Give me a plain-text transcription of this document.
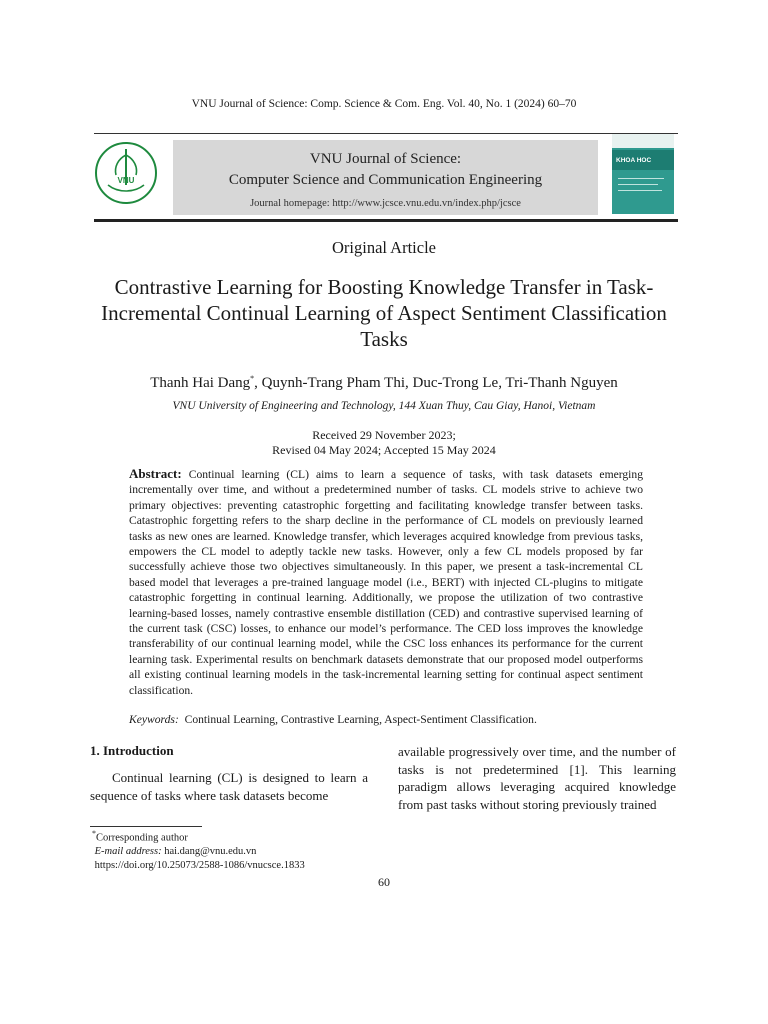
VNU Journal of Science: Comp. Science & Com. Eng. Vol. 40, No. 1 (2024) 60–70
VNU
VNU Journal of Science:
Computer Science and Communication Engineering
Journal homepage: http://www.jcsce.vnu.edu.vn/index.php/jcsce
KHOA HOC
Original Article
Contrastive Learning for Boosting Knowledge Transfer in Task-Incremental Continual Learning of Aspect Sentiment Classification Tasks
Thanh Hai Dang*, Quynh-Trang Pham Thi, Duc-Trong Le, Tri-Thanh Nguyen
VNU University of Engineering and Technology, 144 Xuan Thuy, Cau Giay, Hanoi, Vietnam
Received 29 November 2023;
Revised 04 May 2024; Accepted 15 May 2024
Abstract: Continual learning (CL) aims to learn a sequence of tasks, with task datasets emerging incrementally over time, and without a predetermined number of tasks. CL models strive to achieve two primary objectives: preventing catastrophic forgetting and facilitating knowledge transfer between tasks. Catastrophic forgetting refers to the sharp decline in the performance of CL models on previously learned tasks as new ones are learned. Knowledge transfer, which leverages acquired knowledge from previous tasks, empowers the CL model to adeptly tackle new tasks. However, only a few CL models proposed by far successfully achieve those two objectives simultaneously. In this paper, we present a task-incremental CL based model that leverages a pre-trained language model (i.e., BERT) with injected CL-plugins to mitigate catastrophic forgetting in continual learning. Additionally, we propose the utilization of two contrastive learning-based losses, namely contrastive ensemble distillation (CED) and contrastive supervised learning of the current task (CSC) losses, to enhance our model’s performance. The CED loss improves the knowledge transferability of our continual learning model, while the CSC loss enhances its performance for the current learning task. Experimental results on benchmark datasets demonstrate that our proposed model outperforms all existing continual learning models in the task-incremental learning setting for continual aspect sentiment classification.
Keywords: Continual Learning, Contrastive Learning, Aspect-Sentiment Classification.
1. Introduction
Continual learning (CL) is designed to learn a sequence of tasks where task datasets become
available progressively over time, and the number of tasks is not predetermined [1]. This learning paradigm allows leveraging acquired knowledge from past tasks without storing previously trained
*Corresponding author
E-mail address: hai.dang@vnu.edu.vn
https://doi.org/10.25073/2588-1086/vnucsce.1833
60
